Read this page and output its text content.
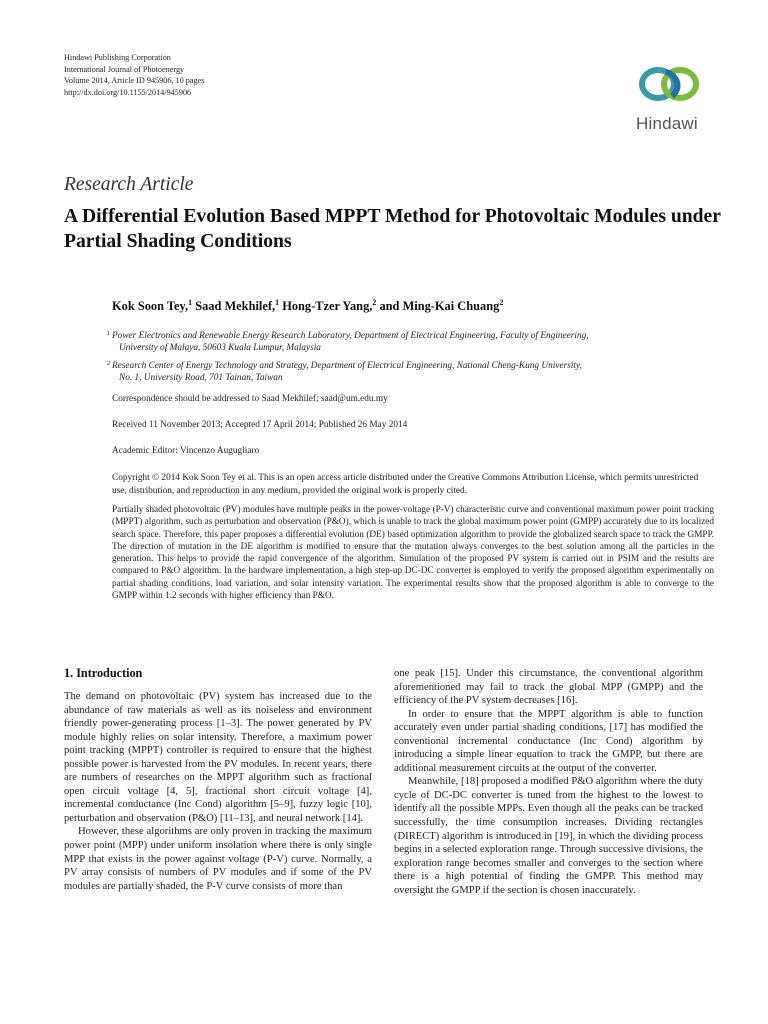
Hindawi Publishing Corporation
International Journal of Photoenergy
Volume 2014, Article ID 945906, 10 pages
http://dx.doi.org/10.1155/2014/945906
Hindawi
Research Article
A Differential Evolution Based MPPT Method for Photovoltaic Modules under Partial Shading Conditions
Kok Soon Tey,$^1$ Saad Mekhilef,$^1$ Hong-Tzer Yang,$^2$ and Ming-Kai Chuang$^2$
1 Power Electronics and Renewable Energy Research Laboratory, Department of Electrical Engineering, Faculty of Engineering,
University of Malaya, 50603 Kuala Lumpur, Malaysia
2 Research Center of Energy Technology and Strategy, Department of Electrical Engineering, National Cheng-Kung University,
No. 1, University Road, 701 Tainan, Taiwan
Correspondence should be addressed to Saad Mekhilef; saad@um.edu.my
Received 11 November 2013; Accepted 17 April 2014; Published 26 May 2014
Academic Editor: Vincenzo Augugliaro
Copyright © 2014 Kok Soon Tey et al. This is an open access article distributed under the Creative Commons Attribution License, which permits unrestricted use, distribution, and reproduction in any medium, provided the original work is properly cited.
Partially shaded photovoltaic (PV) modules have multiple peaks in the power-voltage (P-V) characteristic curve and conventional maximum power point tracking (MPPT) algorithm, such as perturbation and observation (P&O), which is unable to track the global maximum power point (GMPP) accurately due to its localized search space. Therefore, this paper proposes a differential evolution (DE) based optimization algorithm to provide the globalized search space to track the GMPP. The direction of mutation in the DE algorithm is modified to ensure that the mutation always converges to the best solution among all the particles in the generation. This helps to provide the rapid convergence of the algorithm. Simulation of the proposed PV system is carried out in PSIM and the results are compared to P&O algorithm. In the hardware implementation, a high step-up DC-DC converter is employed to verify the proposed algorithm experimentally on partial shading conditions, load variation, and solar intensity variation. The experimental results show that the proposed algorithm is able to converge to the GMPP within 1.2 seconds with higher efficiency than P&O.
1. Introduction

The demand on photovoltaic (PV) system has increased due to the abundance of raw materials as well as its noiseless and environment friendly power-generating process [1–3]. The power generated by PV module highly relies on solar intensity. Therefore, a maximum power point tracking (MPPT) controller is required to ensure that the highest possible power is harvested from the PV modules. In recent years, there are numbers of researches on the MPPT algorithm such as fractional open circuit voltage [4, 5], fractional short circuit voltage [4], incremental conductance (Inc Cond) algorithm [5–9], fuzzy logic [10], perturbation and observation (P&O) [11–13], and neural network [14].

However, these algorithms are only proven in tracking the maximum power point (MPP) under uniform insolation where there is only single MPP that exists in the power against voltage (P-V) curve. Normally, a PV array consists of numbers of PV modules and if some of the PV modules are partially shaded, the P-V curve consists of more than

one peak [15]. Under this circumstance, the conventional algorithm aforementioned may fail to track the global MPP (GMPP) and the efficiency of the PV system decreases [16].

In order to ensure that the MPPT algorithm is able to function accurately even under partial shading conditions, [17] has modified the conventional incremental conductance (Inc Cond) algorithm by introducing a simple linear equation to track the GMPP, but there are additional measurement circuits at the output of the converter.

Meanwhile, [18] proposed a modified P&O algorithm where the duty cycle of DC-DC converter is tuned from the highest to the lowest to identify all the possible MPPs. Even though all the peaks can be tracked successfully, the time consumption increases. Dividing rectangles (DIRECT) algorithm is introduced in [19], in which the dividing process begins in a selected exploration range. Through successive divisions, the exploration range becomes smaller and converges to the section where there is a high potential of finding the GMPP. This method may oversight the GMPP if the section is chosen inaccurately.
